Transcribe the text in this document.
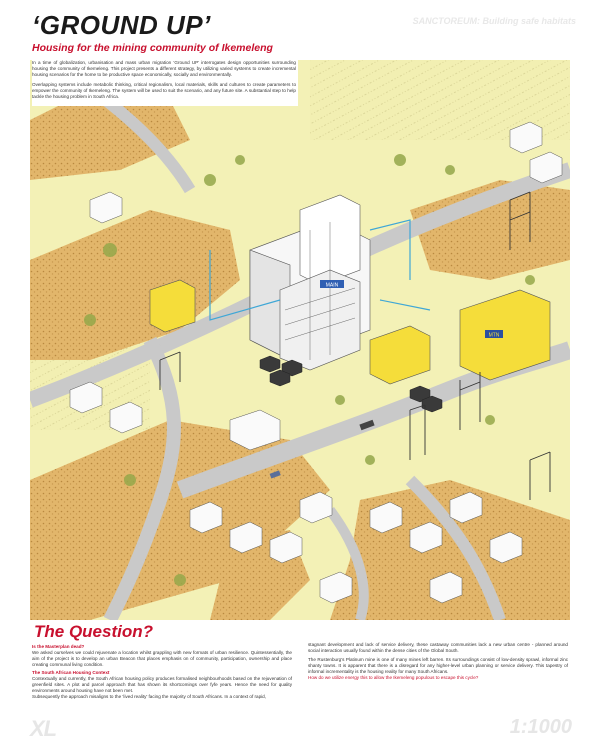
‘GROUND UP’
Housing for the mining community of Ikemeleng
SANCTOREUM: Building safe habitats
MAIN
MTN

In a time of globalization, urbanisation and mass urban migration ‘Ground UP’ interrogates design opportunities surrounding housing the community of Ikemeleng. This project presents a different strategy, by utilizing varied systems to create incremental housing scenarios for the home to be productive space economically, socially and environmentally.

Overlapping systems include metabolic thinking, critical regionalism, local materials, skills and cultures to create parameters to empower the community of Ikemeleng. The system will be used to suit the scenario, and any future site. A substantial step to help tackle the housing problem in South Africa.

The Question?

Is the Masterplan dead?

We asked ourselves we could rejuvenate a location whilst grappling with new formats of urban resilience. Quintessentially, the aim of the project is to develop an urban Beacon that places emphasis on of community, participation, ownership and place creating communal living condition.

The South African Housing Context

Contextually and currently, the South African housing policy produces formalised neighbourhoods based on the rejuvenation of greenfield sites. A plot and parcel approach that has shown its shortcomings over fyfe years. Hence the need for quality environments around housing have not been met.

Subsequently the approach misaligns to the ‘lived reality’ facing the majority of South Africans. In a context of rapid,

stagnant development and lack of service delivery, these castaway communities lack a new urban centre - planned around social interaction usually found within the dense cities of the Global South.

The Rustenburg’s Platinum mine is one of many mines left barren. Its surroundings consist of low-density sprawl, informal zinc shanty towns. It is apparent that there is a disregard for any higher-level urban planning or service delivery. This tapestry of informal incrementality is the housing reality for many South Africans.

How do we utilize energy this to allow the Ikemeleng populous to escape this cycle?

XL	1:1000
